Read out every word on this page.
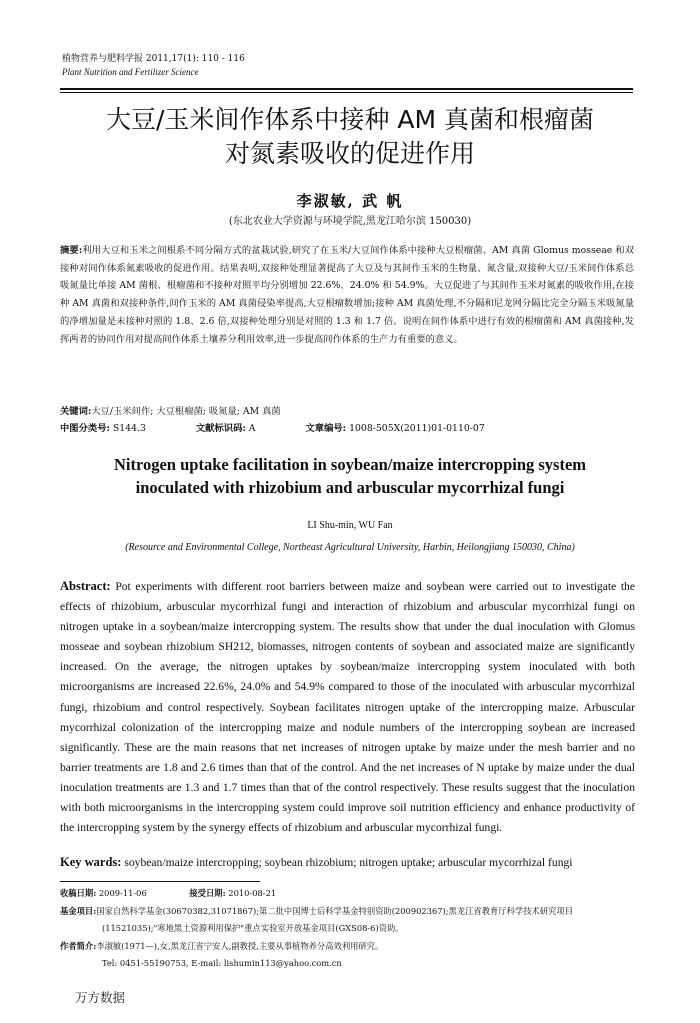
植物营养与肥料学报 2011,17(1): 110 - 116
Plant Nutrition and Fertilizer Science
大豆/玉米间作体系中接种 AM 真菌和根瘤菌
对氮素吸收的促进作用
李淑敏, 武 帆
(东北农业大学资源与环境学院,黑龙江哈尔滨 150030)
摘要:利用大豆和玉米之间根系不同分隔方式的盆栽试验,研究了在玉米/大豆间作体系中接种大豆根瘤菌、AM 真菌 Glomus mosseae 和双接种对间作体系氮素吸收的促进作用。结果表明,双接种处理显著提高了大豆及与其间作玉米的生物量、氮含量,双接种大豆/玉米间作体系总吸氮量比单接 AM 菌根、根瘤菌和不接种对照平均分别增加 22.6%、24.0% 和 54.9%。大豆促进了与其间作玉米对氮素的吸收作用,在接种 AM 真菌和双接种条件,间作玉米的 AM 真菌侵染率提高,大豆根瘤数增加;接种 AM 真菌处理,不分隔和尼龙网分隔比完全分隔玉米吸氮量的净增加量是未接种对照的 1.8、2.6 倍,双接种处理分别是对照的 1.3 和 1.7 倍。说明在间作体系中进行有效的根瘤菌和 AM 真菌接种,发挥两者的协同作用对提高间作体系土壤养分利用效率,进一步提高间作体系的生产力有重要的意义。
关键词: 大豆/玉米间作; 大豆根瘤菌; 吸氮量; AM 真菌
中图分类号: S144.3	文献标识码: A	文章编号: 1008-505X(2011)01-0110-07
Nitrogen uptake facilitation in soybean/maize intercropping system
inoculated with rhizobium and arbuscular mycorrhizal fungi
LI Shu-min, WU Fan
(Resource and Environmental College, Northeast Agricultural University, Harbin, Heilongjiang 150030, China)
Abstract: Pot experiments with different root barriers between maize and soybean were carried out to investigate the effects of rhizobium, arbuscular mycorrhizal fungi and interaction of rhizobium and arbuscular mycorrhizal fungi on nitrogen uptake in a soybean/maize intercropping system. The results show that under the dual inoculation with Glomus mosseae and soybean rhizobium SH212, biomasses, nitrogen contents of soybean and associated maize are significantly increased. On the average, the nitrogen uptakes by soybean/maize intercropping system inoculated with both microorganisms are increased 22.6%, 24.0% and 54.9% compared to those of the inoculated with arbuscular mycorrhizal fungi, rhizobium and control respectively. Soybean facilitates nitrogen uptake of the intercropping maize. Arbuscular mycorrhizal colonization of the intercropping maize and nodule numbers of the intercropping soybean are increased significantly. These are the main reasons that net increases of nitrogen uptake by maize under the mesh barrier and no barrier treatments are 1.8 and 2.6 times than that of the control. And the net increases of N uptake by maize under the dual inoculation treatments are 1.3 and 1.7 times than that of the control respectively. These results suggest that the inoculation with both microorganisms in the intercropping system could improve soil nutrition efficiency and enhance productivity of the intercropping system by the synergy effects of rhizobium and arbuscular mycorrhizal fungi.
Key wards: soybean/maize intercropping; soybean rhizobium; nitrogen uptake; arbuscular mycorrhizal fungi
收稿日期: 2009-11-06	接受日期: 2010-08-21
基金项目:国家自然科学基金(30670382,31071867);第二批中国博士后科学基金特别资助(200902367);黑龙江省教育厅科学技术研究项目
(11521035);"寒地黑土资源利用保护"重点实验室开放基金项目(GXS08-6)资助。
作者简介:李淑敏(1971—),女,黑龙江省宁安人,副教授,主要从事植物养分高效利用研究。
Tel: 0451-55190753, E-mail: lishumin113@yahoo.com.cn
万方数据
